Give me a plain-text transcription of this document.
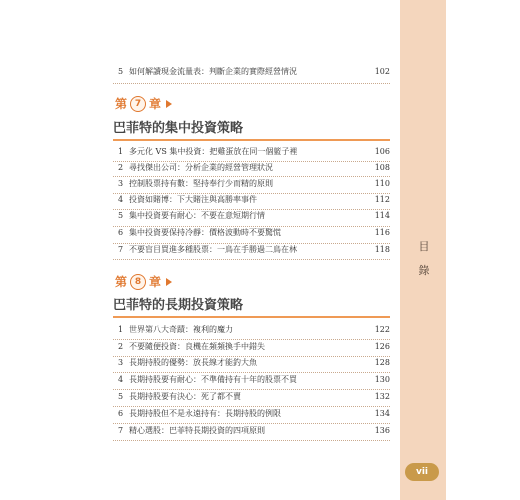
目
錄
vii
5 如何解讀現金流量表：判斷企業的實際經營情況	102
第 7 章
巴菲特的集中投資策略
1 多元化 VS 集中投資：把雞蛋放在同一個籃子裡	106
2 尋找傑出公司：分析企業的經營管理狀況	108
3 控制股票持有數：堅持奉行少而精的原則	110
4 投資如賭博：下大賭注與高勝率事件	112
5 集中投資要有耐心：不要在意短期行情	114
6 集中投資要保持冷靜：價格波動時不要驚慌	116
7 不要盲目買進多種股票：一鳥在手勝過二鳥在林	118
第 8 章
巴菲特的長期投資策略
1 世界第八大奇蹟：複利的魔力	122
2 不要隨便投資：良機在頻頻換手中錯失	126
3 長期持股的優勢：放長線才能釣大魚	128
4 長期持股要有耐心：不準備持有十年的股票不買	130
5 長期持股要有決心：死了都不賣	132
6 長期持股但不是永遠持有：長期持股的例限	134
7 精心選股：巴菲特長期投資的四項原則	136
